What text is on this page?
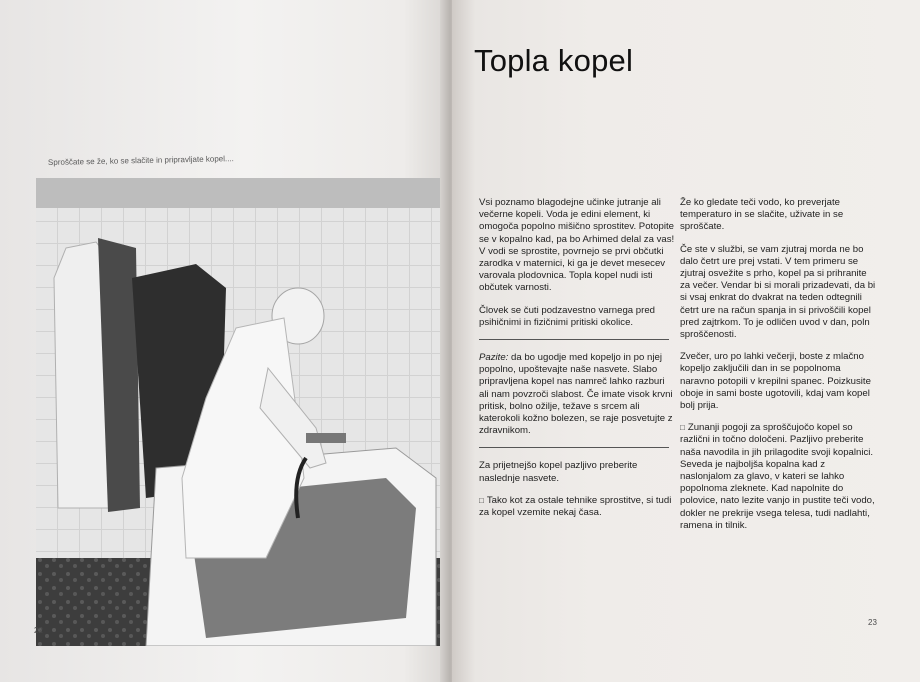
Sproščate se že, ko se slačite in pripravljate kopel....
22
Topla kopel

Vsi poznamo blagodejne učinke jutranje ali večerne kopeli. Voda je edini element, ki omogoča popolno mišično sprostitev. Potopite se v kopalno kad, pa bo Arhimed delal za vas! V vodi se sprostite, povrnejo se prvi občutki zarodka v maternici, ki ga je devet mesecev varovala plodovnica. Topla kopel nudi isti občutek varnosti.

Človek se čuti podzavestno varnega pred psihičnimi in fizičnimi pritiski okolice.

Pazite: da bo ugodje med kopeljo in po njej popolno, upoštevajte naše nasvete. Slabo pripravljena kopel nas namreč lahko razburi ali nam povzroči slabost. Če imate visok krvni pritisk, bolno ožilje, težave s srcem ali katerokoli kožno bolezen, se raje posvetujte z zdravnikom.

Za prijetnejšo kopel pazljivo preberite naslednje nasvete.

□ Tako kot za ostale tehnike sprostitve, si tudi za kopel vzemite nekaj časa.

Že ko gledate teči vodo, ko preverjate temperaturo in se slačite, uživate in se sproščate.

Če ste v službi, se vam zjutraj morda ne bo dalo četrt ure prej vstati. V tem primeru se zjutraj osvežite s prho, kopel pa si prihranite za večer. Vendar bi si morali prizadevati, da bi si vsaj enkrat do dvakrat na teden odtegnili četrt ure na račun spanja in si privoščili kopel pred zajtrkom. To je odličen uvod v dan, poln sproščenosti.

Zvečer, uro po lahki večerji, boste z mlačno kopeljo zaključili dan in se popolnoma naravno potopili v krepilni spanec. Poizkusite oboje in sami boste ugotovili, kdaj vam kopel bolj prija.

□ Zunanji pogoji za sproščujočo kopel so različni in točno določeni. Pazljivo preberite naša navodila in jih prilagodite svoji kopalnici. Seveda je najboljša kopalna kad z naslonjalom za glavo, v kateri se lahko popolnoma zleknete. Kad napolnite do polovice, nato lezite vanjo in pustite teči vodo, dokler ne prekrije vsega telesa, tudi nadlahti, ramena in tilnik.

23
